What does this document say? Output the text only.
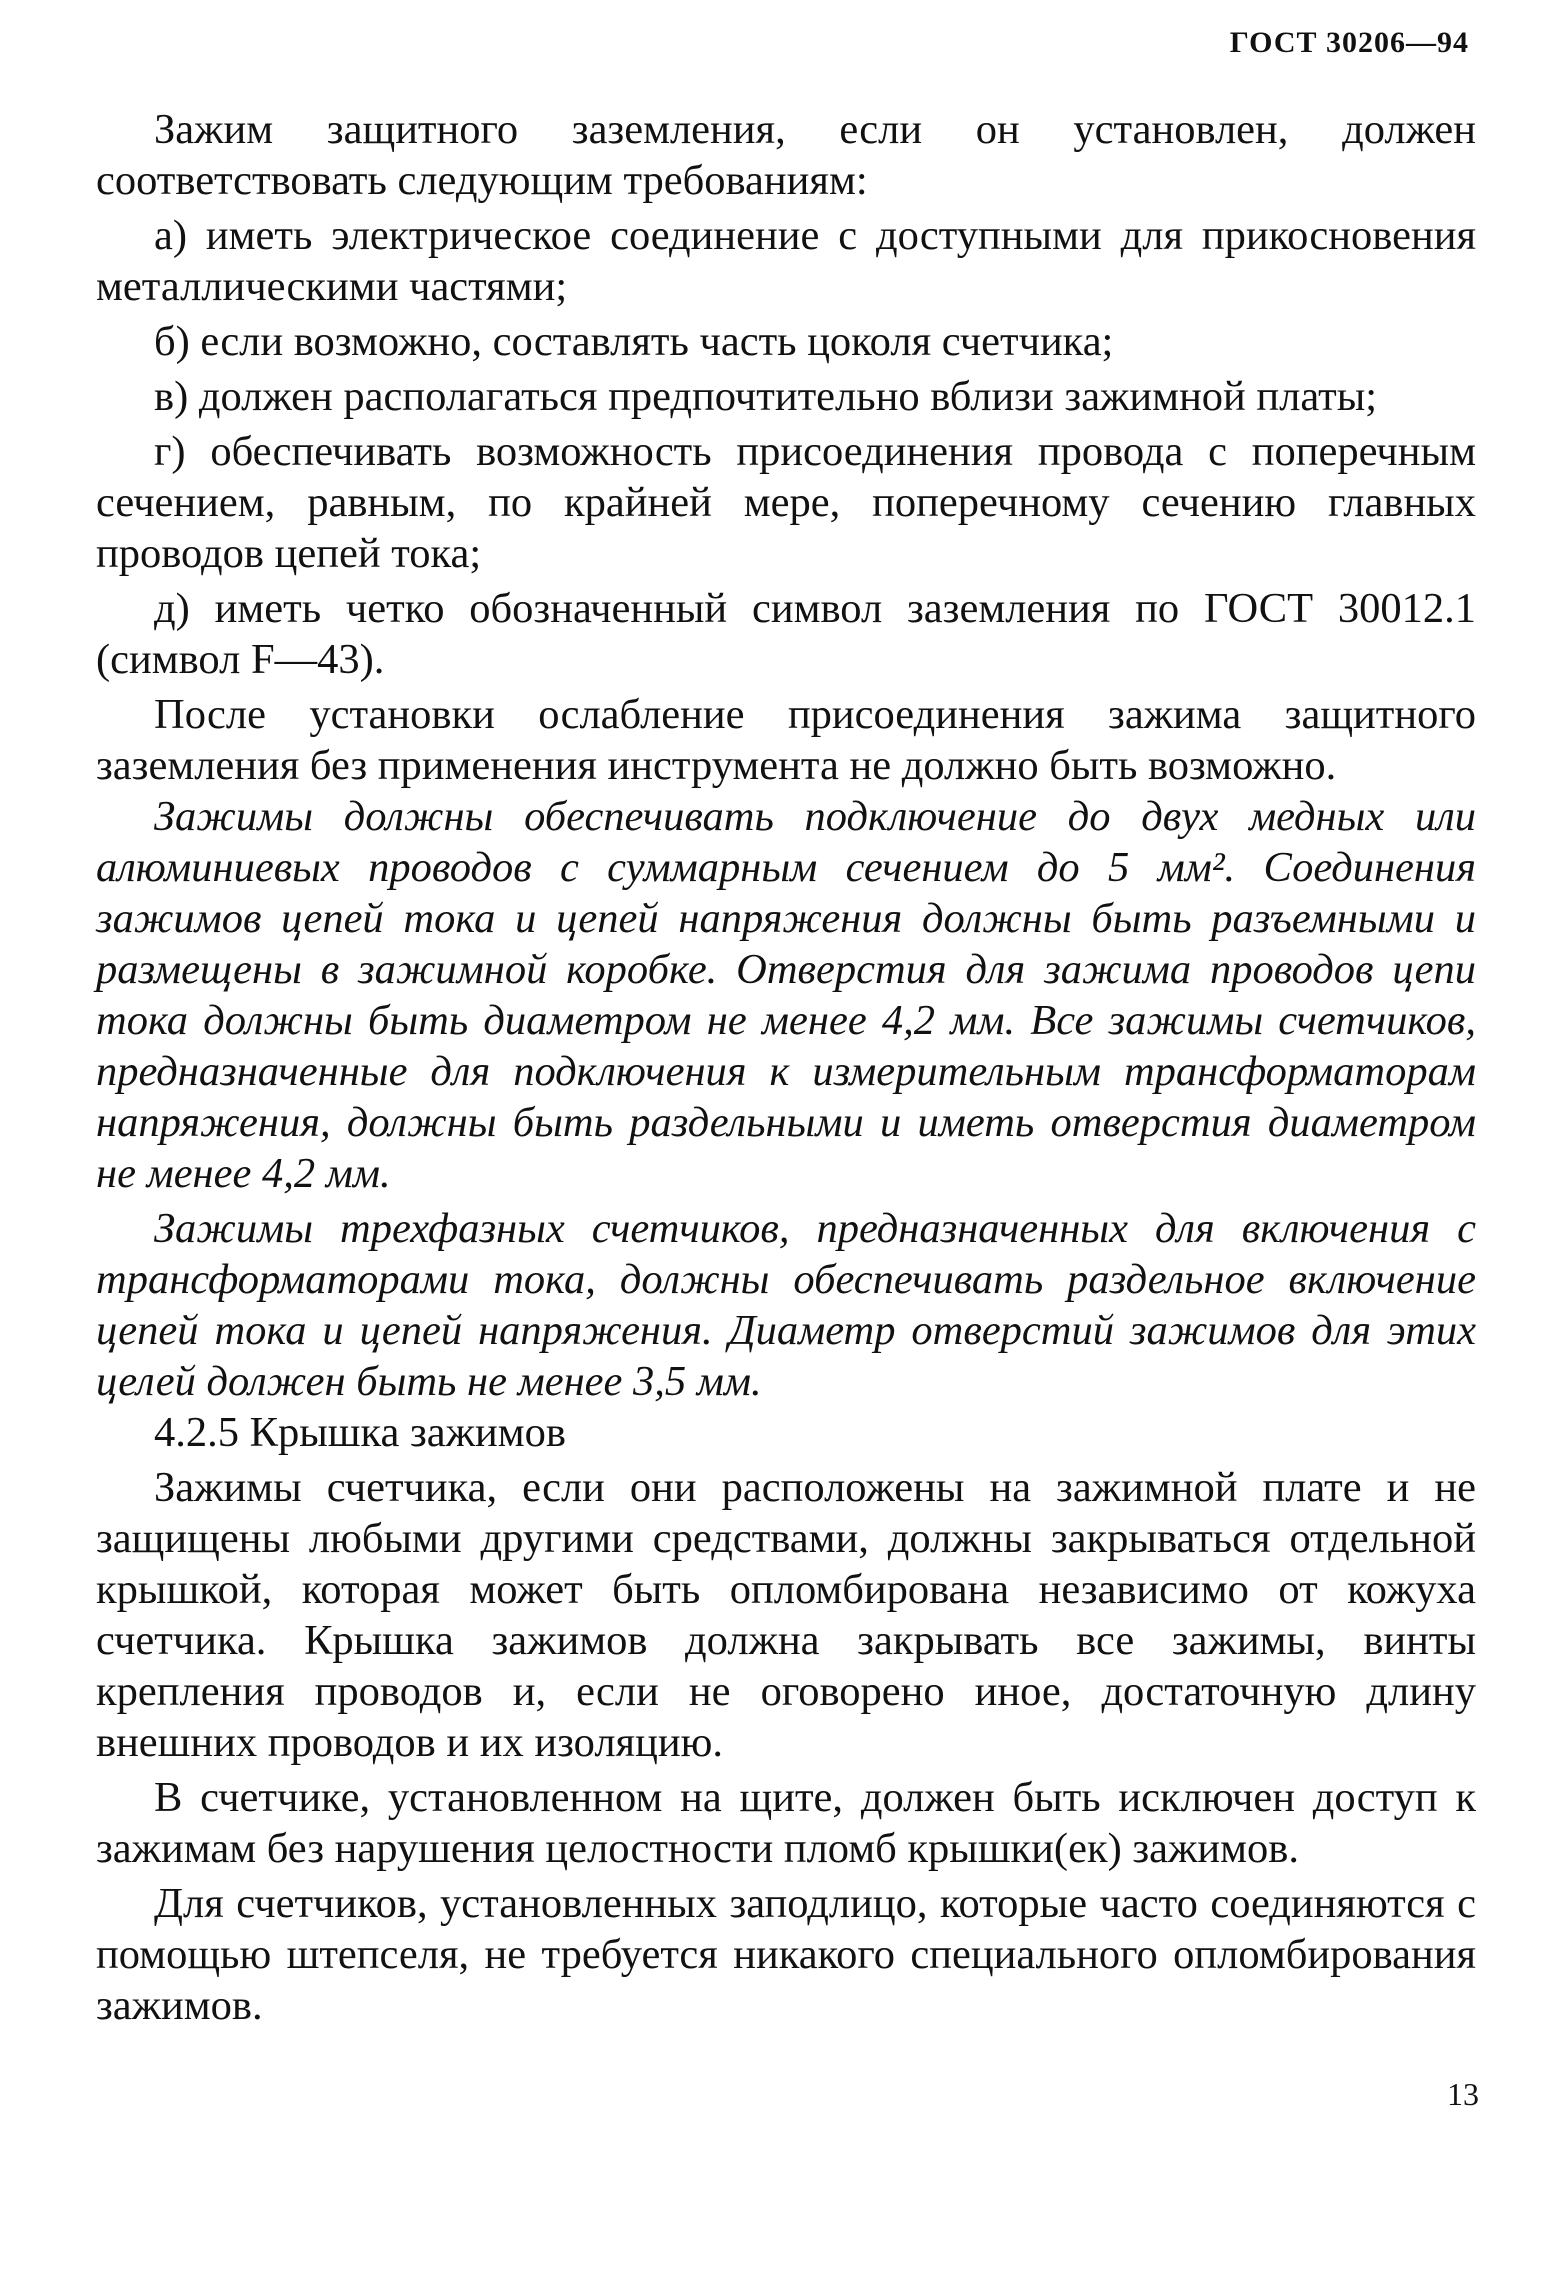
ГОСТ 30206—94

Зажим защитного заземления, если он установлен, должен соответствовать следующим требованиям:

а) иметь электрическое соединение с доступными для прикосновения металлическими частями;

б) если возможно, составлять часть цоколя счетчика;

в) должен располагаться предпочтительно вблизи зажимной платы;

г) обеспечивать возможность присоединения провода с поперечным сечением, равным, по крайней мере, поперечному сечению главных проводов цепей тока;

д) иметь четко обозначенный символ заземления по ГОСТ 30012.1 (символ F—43).

После установки ослабление присоединения зажима защитного заземления без применения инструмента не должно быть возможно.

Зажимы должны обеспечивать подключение до двух медных или алюминиевых проводов с суммарным сечением до 5 мм². Соединения зажимов цепей тока и цепей напряжения должны быть разъемными и размещены в зажимной коробке. Отверстия для зажима проводов цепи тока должны быть диаметром не менее 4,2 мм. Все зажимы счетчиков, предназначенные для подключения к измерительным трансформаторам напряжения, должны быть раздельными и иметь отверстия диаметром не менее 4,2 мм.

Зажимы трехфазных счетчиков, предназначенных для включения с трансформаторами тока, должны обеспечивать раздельное включение цепей тока и цепей напряжения. Диаметр отверстий зажимов для этих целей должен быть не менее 3,5 мм.

4.2.5 Крышка зажимов

Зажимы счетчика, если они расположены на зажимной плате и не защищены любыми другими средствами, должны закрываться отдельной крышкой, которая может быть опломбирована независимо от кожуха счетчика. Крышка зажимов должна закрывать все зажимы, винты крепления проводов и, если не оговорено иное, достаточную длину внешних проводов и их изоляцию.

В счетчике, установленном на щите, должен быть исключен доступ к зажимам без нарушения целостности пломб крышки(ек) зажимов.

Для счетчиков, установленных заподлицо, которые часто соединяются с помощью штепселя, не требуется никакого специального опломбирования зажимов.

13
